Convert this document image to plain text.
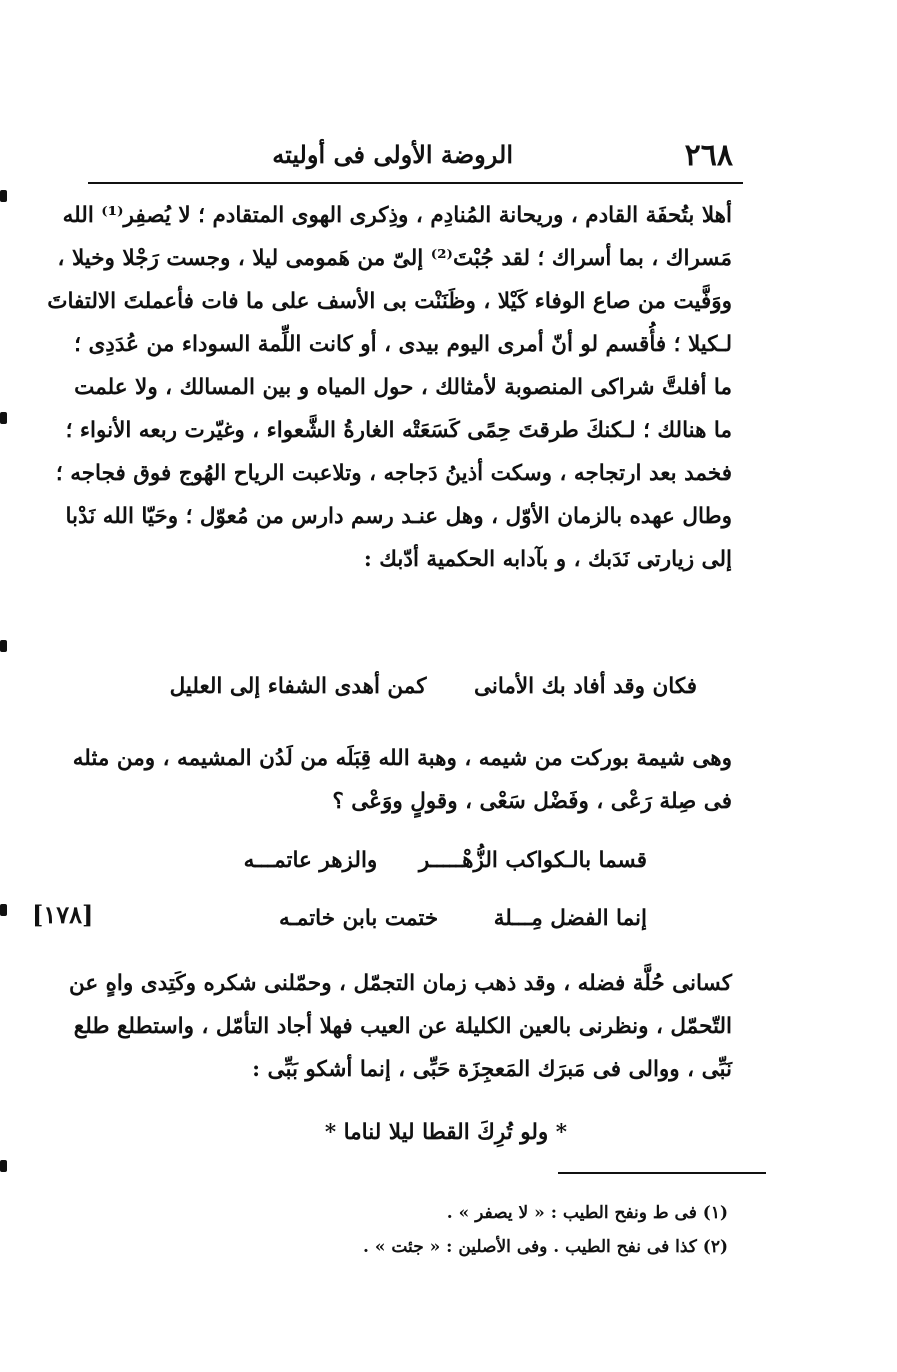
٢٦٨
الروضة الأولى فى أوليته
أهلا بتُحفَة القادم ، وريحانة المُنادِم ، وذِكرى الهوى المتقادم ؛ لا يُصفِر⁽¹⁾ الله
مَسراك ، بما أسراك ؛ لقد جُبْتَ⁽²⁾ إلىّ من هَمومى ليلا ، وجست رَجْلا وخيلا ،
ووَفَّيت من صاع الوفاء كَيْلا ، وظَنَنْت بى الأسف على ما فات فأعملتَ الالتفاتَ
لـكيلا ؛ فأُقسم لو أنّ أمرى اليوم بيدى ، أو كانت اللِّمة السوداء من عُدَدِى ؛
ما أفلتَّ شراكى المنصوبة لأمثالك ، حول المياه و بين المسالك ، ولا علمت
ما هنالك ؛ لـكنكَ طرقتَ حِمًى كَسَعَتْه الغارةُ الشَّعواء ، وغيّرت ربعه الأنواء ؛
فخمد بعد ارتجاجه ، وسكت أذينُ دَجاجه ، وتلاعبت الرياح الهُوج فوق فجاجه ؛
وطال عهده بالزمان الأوّل ، وهل عنـد رسم دارس من مُعوّل ؛ وحَيّا الله نَدْبا
إلى زيارتى نَدَبك ، و بآدابه الحكمية أدّبك :
فكان وقد أفاد بك الأمانى كمن أهدى الشفاء إلى العليل
وهى شيمة بوركت من شيمه ، وهبة الله قِبَلَه من لَدُن المشيمه ، ومن مثله
فى صِلة رَعْى ، وفَضْل سَعْى ، وقولٍ ووَعْى ؟
قسما بالـكواكب الزُّهْـــــر والزهر عاتمـــه
إنما الفضل مِـــلة ختمت بابن خاتمـه
[١٧٨]
كسانى حُلَّة فضله ، وقد ذهب زمان التجمّل ، وحمّلنى شكره وكَتِدى واهٍ عن
التّحمّل ، ونظرنى بالعين الكليلة عن العيب فهلا أجاد التأمّل ، واستطلع طلع
نَبِّى ، ووالى فى مَبرَك المَعجِزَة حَبِّى ، إنما أشكو بَبِّى :
* ولو تُرِكَ القطا ليلا لناما *
(١) فى ط ونفح الطيب : « لا يصفر » .
(٢) كذا فى نفح الطيب . وفى الأصلين : « جئت » .
